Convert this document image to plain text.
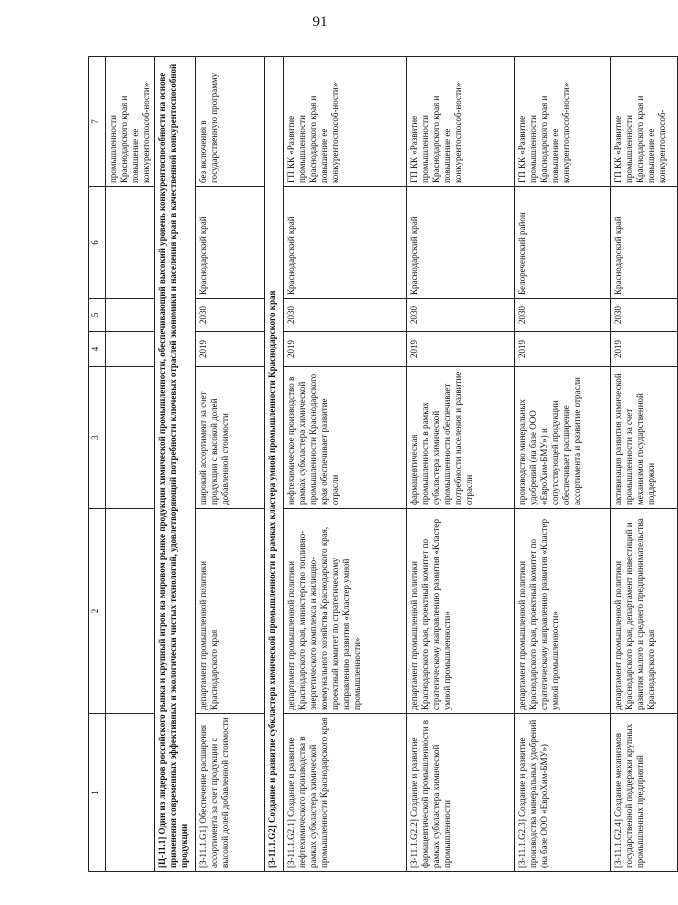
91
1	2	3	4	5	6	7
						промышленности Краснодарского края и повышение ее конкурентоспособ-ности»
[Ц-11.1] Один из лидеров российского рынка и крупный игрок на мировом рынке продукции химической промышленности, обеспечивающий высокий уровень конкурентоспособности на основе применения современных эффективных и экологически чистых технологий, удовлетворяющий потребности ключевых отраслей экономики и населения края в качественной конкурентоспособной продукции						
[З-11.1.G1] Обеспечение расширения ассортимента за счет продукции с высокой долей добавленной стоимости	департамент промышленной политики Краснодарского края	широкий ассортимент за счет продукции с высокой долей добавленной стоимости	2019	2030	Краснодарский край	без включения в государственную программу
[З-11.1.G2] Создание и развитие субкластера химической промышленности в рамках кластера умной промышленности Краснодарского края						
[З-11.1.G2.1] Создание и развитие нефтехимического производства в рамках субкластера химической промышленности Краснодарского края	департамент промышленной политики Краснодарского края, министерство топливно-энергетического комплекса и жилищно-коммунального хозяйства Краснодарского края, проектный комитет по стратегическому направлению развития «Кластер умной промышленности»	нефтехимическое производство в рамках субкластера химической промышленности Краснодарского края обеспечивает развитие отрасли	2019	2030	Краснодарский край	ГП КК «Развитие промышленности Краснодарского края и повышение ее конкурентоспособ-ности»
[З-11.1.G2.2] Создание и развитие фармацевтической промышленности в рамках субкластера химической промышленности	департамент промышленной политики Краснодарского края, проектный комитет по стратегическому направлению развития «Кластер умной промышленности»	фармацевтическая промышленность в рамках субкластера химической промышленности обеспечивает потребности населения и развитие отрасли	2019	2030	Краснодарский край	ГП КК «Развитие промышленности Краснодарского края и повышение ее конкурентоспособ-ности»
[З-11.1.G2.3] Создание и развитие производства минеральных удобрений (на базе ООО «ЕвроХим-БМУ»)	департамент промышленной политики Краснодарского края, проектный комитет по стратегическому направлению развития «Кластер умной промышленности»	производство минеральных удобрений (на базе ООО «ЕвроХим-БМУ») и сопутствующей продукции обеспечивает расширение ассортимента и развитие отрасли	2019	2030	Белореченский район	ГП КК «Развитие промышленности Краснодарского края и повышение ее конкурентоспособ-ности»
[З-11.1.G2.4] Создание механизмов государственной поддержки крупных промышленных предприятий	департамент промышленной политики Краснодарского края, департамент инвестиций и развития малого и среднего предпринимательства Краснодарского края	активизация развития химической промышленности за счет механизмов государственной поддержки	2019	2030	Краснодарский край	ГП КК «Развитие промышленности Краснодарского края и повышение ее конкурентоспособ-
